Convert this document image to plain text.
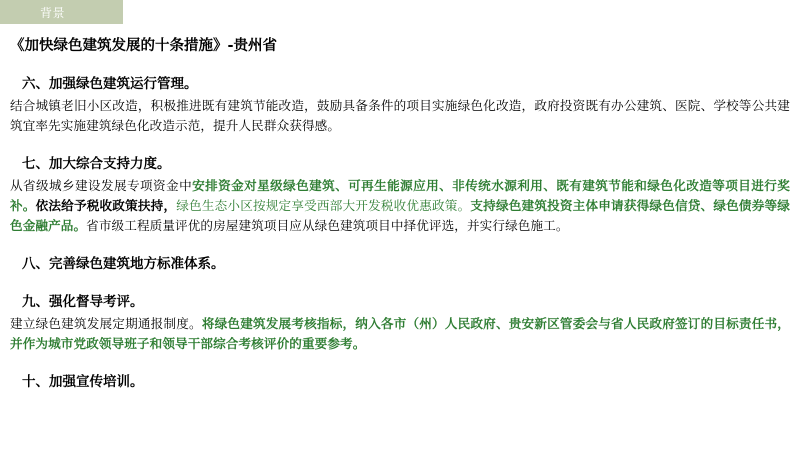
背景
《加快绿色建筑发展的十条措施》-贵州省
六、加强绿色建筑运行管理。

结合城镇老旧小区改造，积极推进既有建筑节能改造，鼓励具备条件的项目实施绿色化改造，政府投资既有办公建筑、医院、学校等公共建筑宜率先实施建筑绿色化改造示范，提升人民群众获得感。

七、加大综合支持力度。

从省级城乡建设发展专项资金中安排资金对星级绿色建筑、可再生能源应用、非传统水源利用、既有建筑节能和绿色化改造等项目进行奖补。依法给予税收政策扶持，绿色生态小区按规定享受西部大开发税收优惠政策。支持绿色建筑投资主体申请获得绿色信贷、绿色债券等绿色金融产品。省市级工程质量评优的房屋建筑项目应从绿色建筑项目中择优评选，并实行绿色施工。

八、完善绿色建筑地方标准体系。
九、强化督导考评。

建立绿色建筑发展定期通报制度。将绿色建筑发展考核指标，纳入各市（州）人民政府、贵安新区管委会与省人民政府签订的目标责任书，并作为城市党政领导班子和领导干部综合考核评价的重要参考。

十、加强宣传培训。
